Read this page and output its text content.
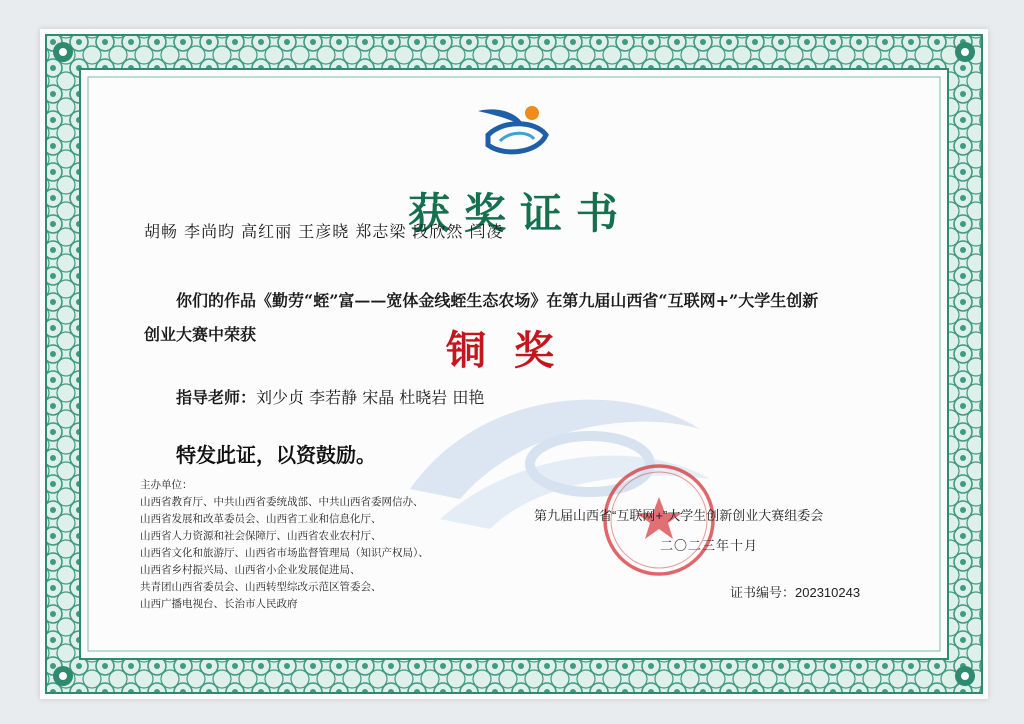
获奖证书
胡畅 李尚昀 高红丽 王彦晓 郑志梁 段欣然 闫凌
你们的作品《勤劳“蛭”富——宽体金线蛭生态农场》在第九届山西省“互联网+”大学生创新
创业大赛中荣获	铜奖
指导老师：刘少贞 李若静 宋晶 杜晓岩 田艳
特发此证，以资鼓励。
主办单位：
山西省教育厅、中共山西省委统战部、中共山西省委网信办、
山西省发展和改革委员会、山西省工业和信息化厅、
山西省人力资源和社会保障厅、山西省农业农村厅、
山西省文化和旅游厅、山西省市场监督管理局（知识产权局）、
山西省乡村振兴局、山西省小企业发展促进局、
共青团山西省委员会、山西转型综改示范区管委会、
山西广播电视台、长治市人民政府
第九届山西省“互联网+”大学生创新创业大赛组委会
二〇二三年十月
证书编号：202310243
